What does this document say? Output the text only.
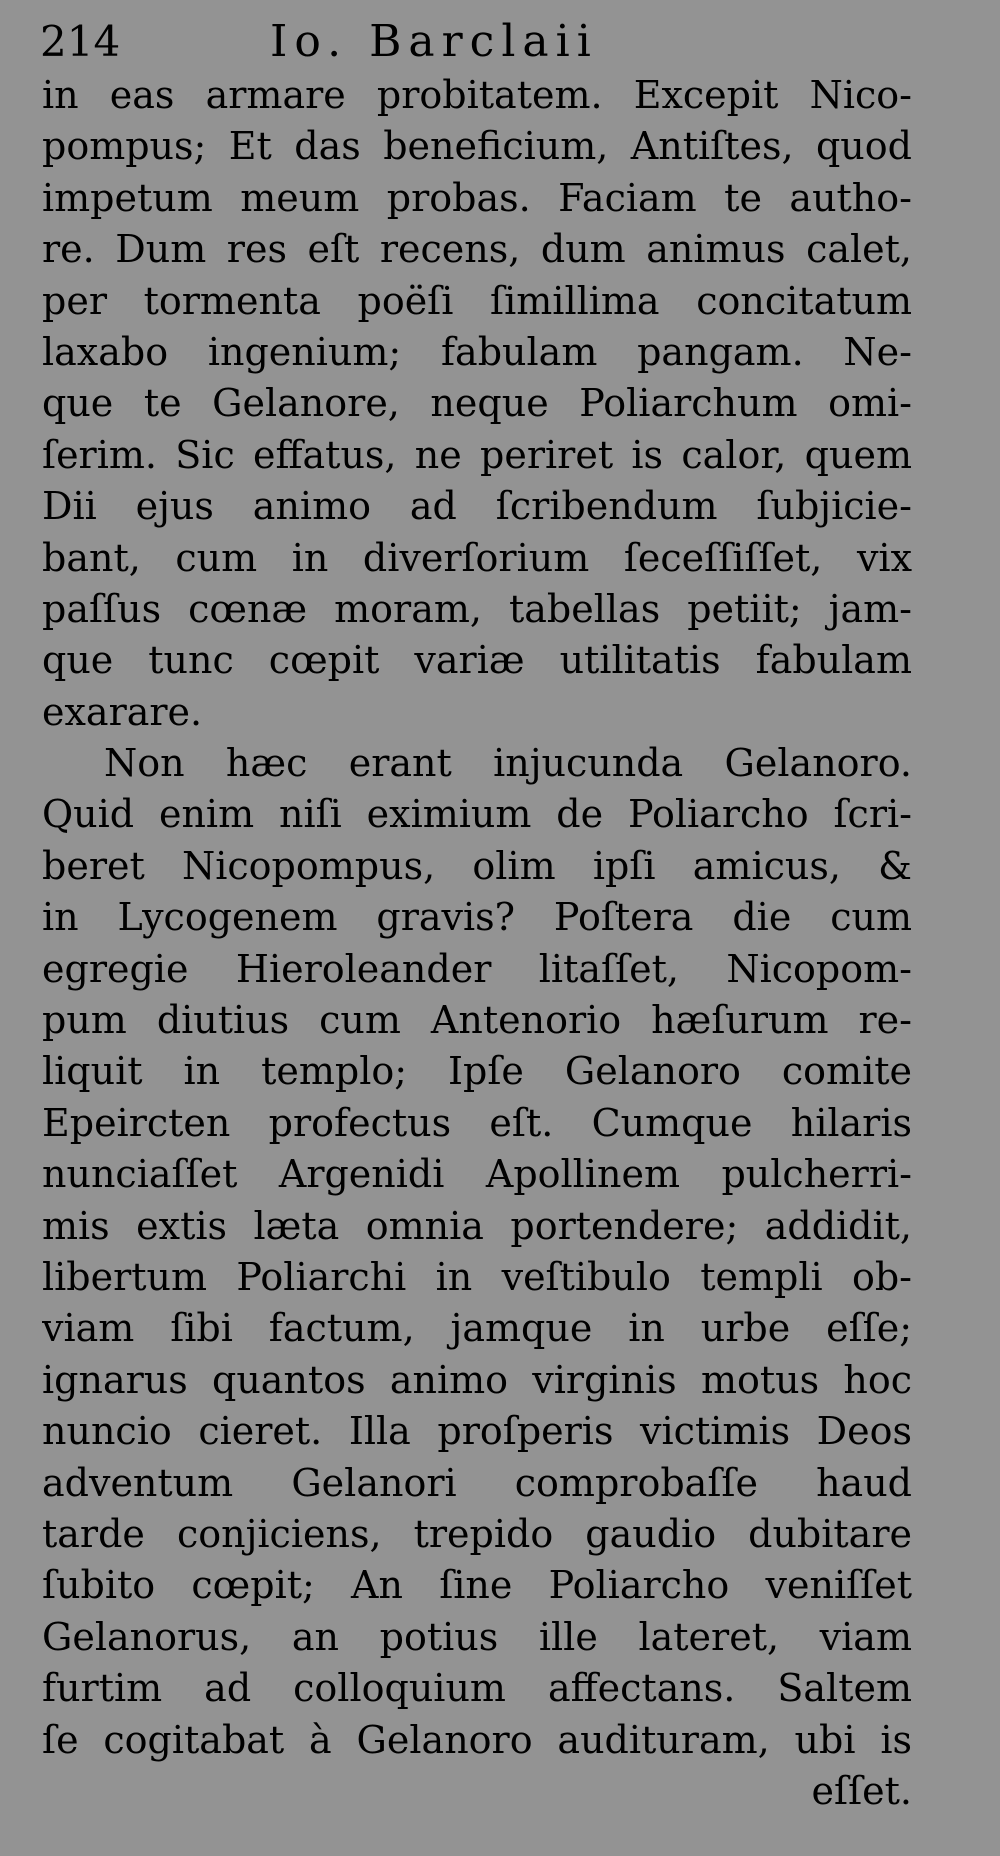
214	Io. Barclaii
in eas armare probitatem. Excepit Nico-
pompus; Et das beneficium, Antiſtes, quod
impetum meum probas. Faciam te autho-
re. Dum res eſt recens, dum animus calet,
per tormenta poëſi ſimillima concitatum
laxabo ingenium; fabulam pangam. Ne-
que te Gelanore, neque Poliarchum omi-
ſerim. Sic effatus, ne periret is calor, quem
Dii ejus animo ad ſcribendum ſubjicie-
bant, cum in diverſorium ſeceſſiſſet, vix
paſſus cœnæ moram, tabellas petiit; jam-
que tunc cœpit variæ utilitatis fabulam
exarare.
Non hæc erant injucunda Gelanoro.
Quid enim niſi eximium de Poliarcho ſcri-
beret Nicopompus, olim ipſi amicus, &
in Lycogenem gravis? Poſtera die cum
egregie Hieroleander litaſſet, Nicopom-
pum diutius cum Antenorio hæſurum re-
liquit in templo; Ipſe Gelanoro comite
Epeircten profectus eſt. Cumque hilaris
nunciaſſet Argenidi Apollinem pulcherri-
mis extis læta omnia portendere; addidit,
libertum Poliarchi in veſtibulo templi ob-
viam ſibi factum, jamque in urbe eſſe;
ignarus quantos animo virginis motus hoc
nuncio cieret. Illa proſperis victimis Deos
adventum Gelanori comprobaſſe haud
tarde conjiciens, trepido gaudio dubitare
ſubito cœpit; An ſine Poliarcho veniſſet
Gelanorus, an potius ille lateret, viam
furtim ad colloquium affectans. Saltem
ſe cogitabat à Gelanoro audituram, ubi is
eſſet.
